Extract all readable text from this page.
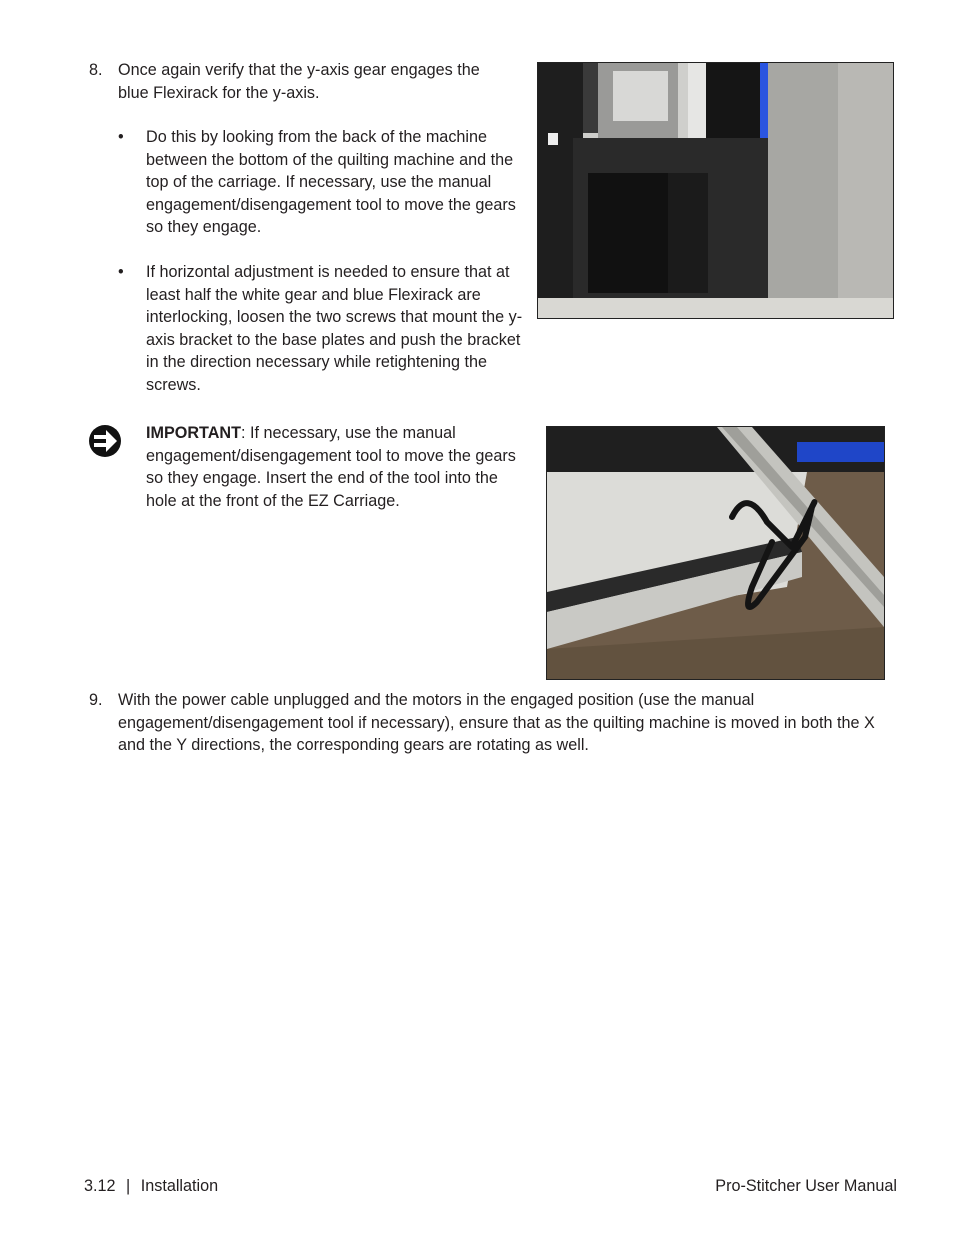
8. Once again verify that the y-axis gear engages the blue Flexirack for the y-axis.

• Do this by looking from the back of the machine between the bottom of the quilting machine and the top of the carriage. If necessary, use the manual engagement/disengagement tool to move the gears so they engage.

• If horizontal adjustment is needed to ensure that at least half the white gear and blue Flexirack are interlocking, loosen the two screws that mount the y-axis bracket to the base plates and push the bracket in the direction necessary while retightening the screws.

IMPORTANT: If necessary, use the manual engagement/disengagement tool to move the gears so they engage. Insert the end of the tool into the hole at the front of the EZ Carriage.

9. With the power cable unplugged and the motors in the engaged position (use the manual engagement/disengagement tool if necessary), ensure that as the quilting machine is moved in both the X and the Y directions, the corresponding gears are rotating as well.

3.12 | Installation	Pro-Stitcher User Manual
